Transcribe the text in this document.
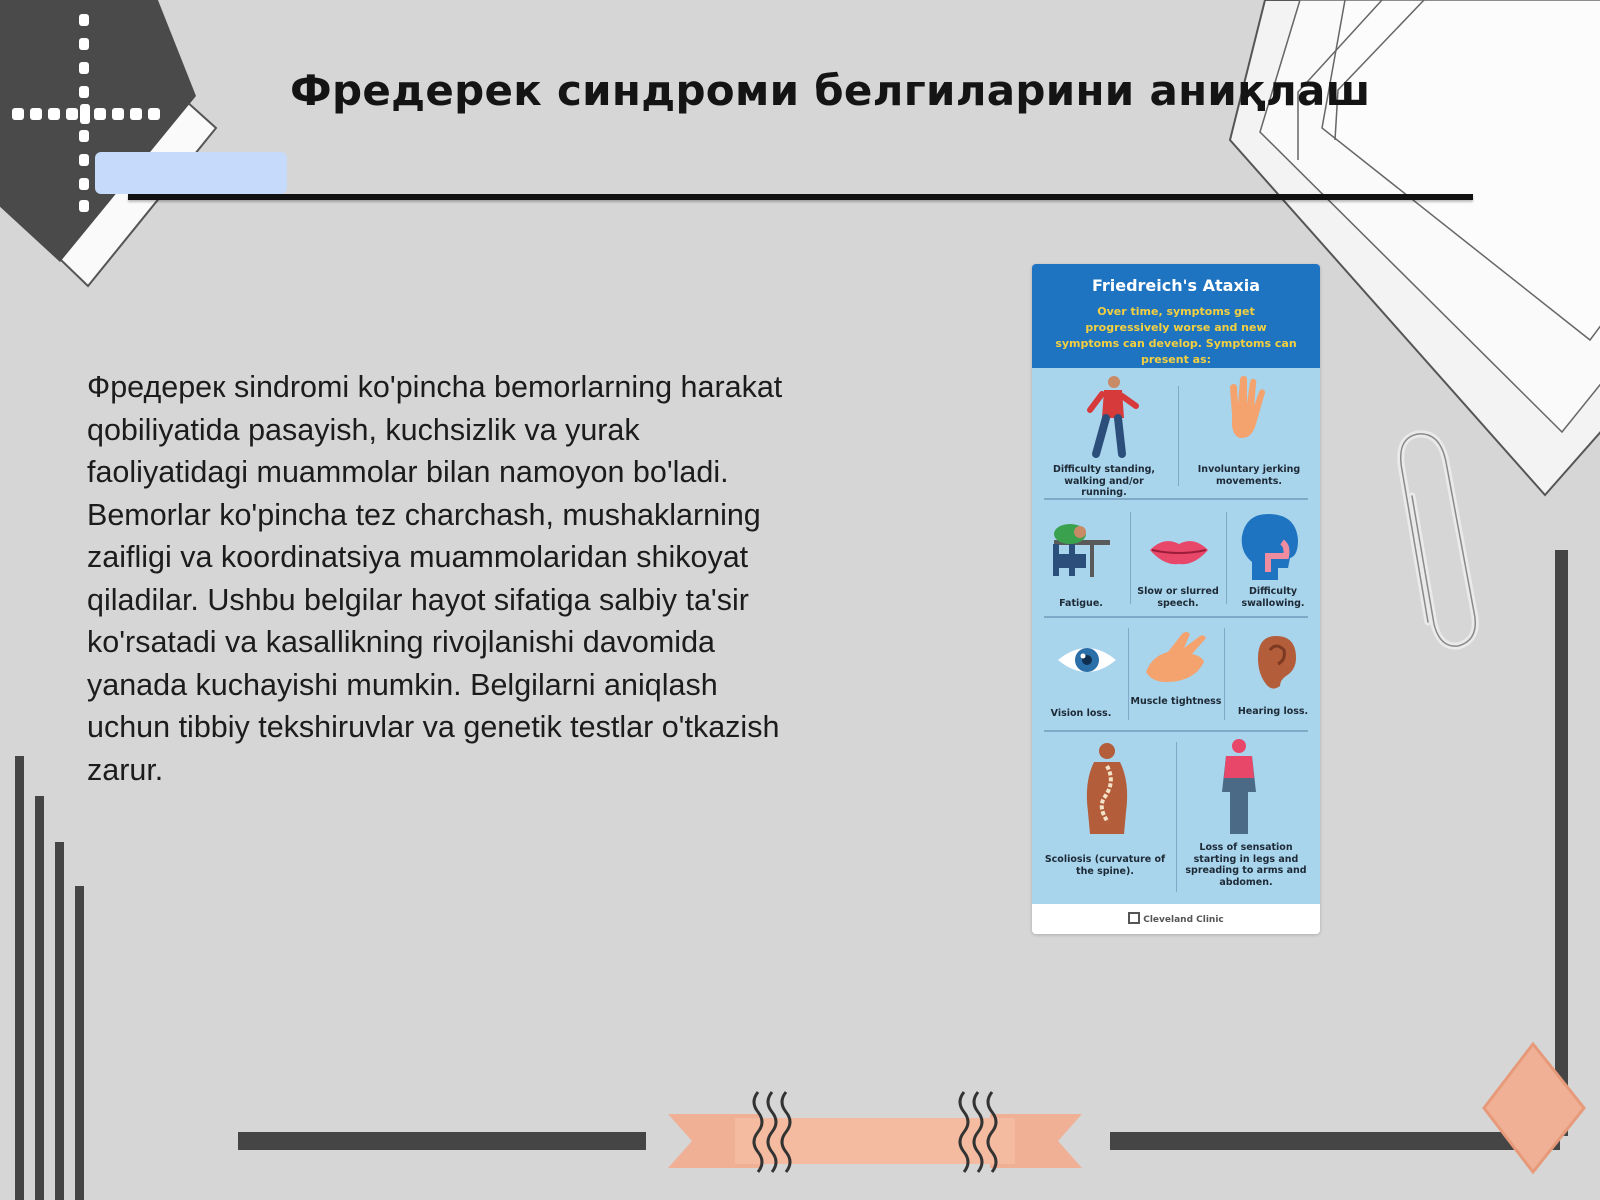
Фредерек синдроми белгиларини аниқлаш
Фредерек sindromi ko'pincha bemorlarning harakat qobiliyatida pasayish, kuchsizlik va yurak faoliyatidagi muammolar bilan namoyon bo'ladi. Bemorlar ko'pincha tez charchash, mushaklarning zaifligi va koordinatsiya muammolaridan shikoyat qiladilar. Ushbu belgilar hayot sifatiga salbiy ta'sir ko'rsatadi va kasallikning rivojlanishi davomida yanada kuchayishi mumkin. Belgilarni aniqlash uchun tibbiy tekshiruvlar va genetik testlar o'tkazish zarur.
Friedreich's Ataxia
Over time, symptoms get progressively worse and new symptoms can develop. Symptoms can present as:
Difficulty standing, walking and/or running.
Involuntary jerking movements.
Fatigue.
Slow or slurred speech.
Difficulty swallowing.
Vision loss.
Muscle tightness
Hearing loss.
Scoliosis (curvature of the spine).
Loss of sensation starting in legs and spreading to arms and abdomen.
Cleveland Clinic
